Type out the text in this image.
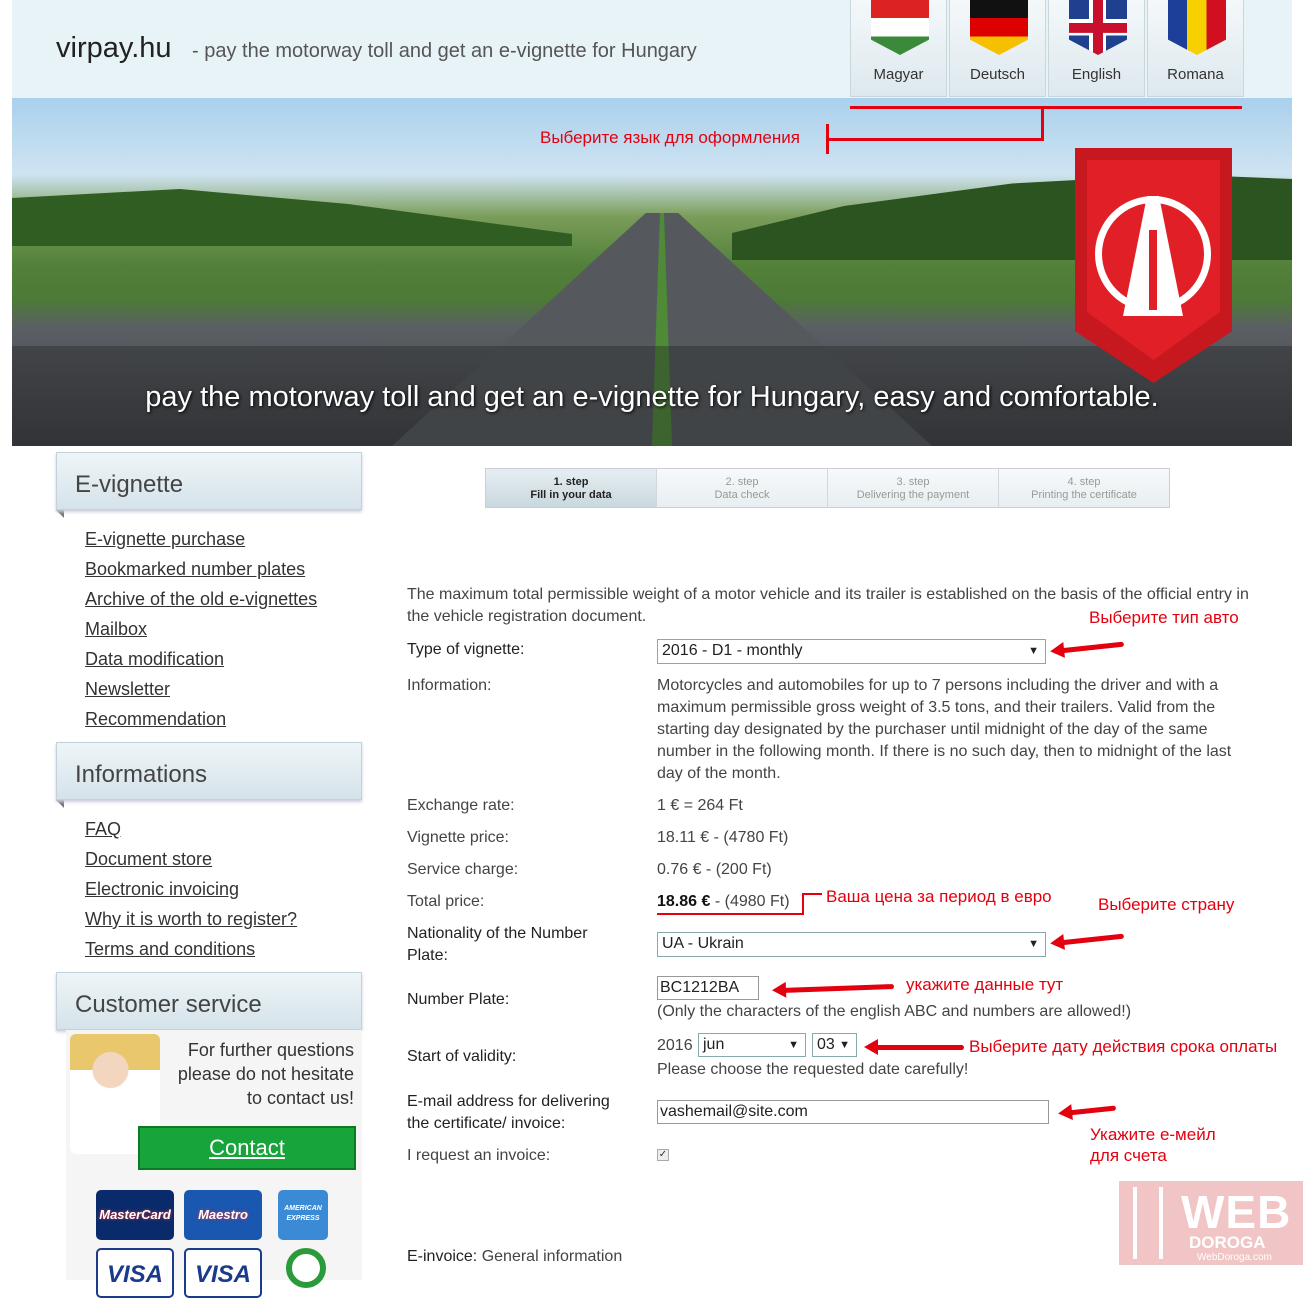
virpay.hu - pay the motorway toll and get an e-vignette for Hungary
Magyar	Deutsch	English	Romana
pay the motorway toll and get an e-vignette for Hungary, easy and comfortable.
Выберите язык для оформления
E-vignette
E-vignette purchase
Bookmarked number plates
Archive of the old e-vignettes
Mailbox
Data modification
Newsletter
Recommendation
Informations
FAQ
Document store
Electronic invoicing
Why it is worth to register?
Terms and conditions
Customer service
For further questions
please do not hesitate
to contact us!
Contact
MasterCard	Maestro	AMERICAN EXPRESS
VISA	VISA
1. step
Fill in your data
2. step
Data check
3. step
Delivering the payment
4. step
Printing the certificate
The maximum total permissible weight of a motor vehicle and its trailer is established on the basis of the official entry in the vehicle registration document.
Type of vignette:	2016 - D1 - monthly	▼
Information:	Motorcycles and automobiles for up to 7 persons including the driver and with a maximum permissible gross weight of 3.5 tons, and their trailers. Valid from the starting day designated by the purchaser until midnight of the day of the same number in the following month. If there is no such day, then to midnight of the last day of the month.
Exchange rate:	1 € = 264 Ft
Vignette price:	18.11 € - (4780 Ft)
Service charge:	0.76 € - (200 Ft)
Total price:	18.86 € - (4980 Ft)
Nationality of the Number
Plate:
UA - Ukrain	▼
Number Plate:
BC1212BA
(Only the characters of the english ABC and numbers are allowed!)
Start of validity:
2016 jun	▼	03 ▼
Please choose the requested date carefully!
E-mail address for delivering
the certificate/ invoice:
vashemail@site.com
I request an invoice:	✓
E-invoice: General information
Выберите тип авто
Ваша цена за период в евро	Выберите страну
укажите данные тут
Выберите дату действия срока оплаты
Укажите е-мейл
для счета
WEB
DOROGA
WebDoroga.com
